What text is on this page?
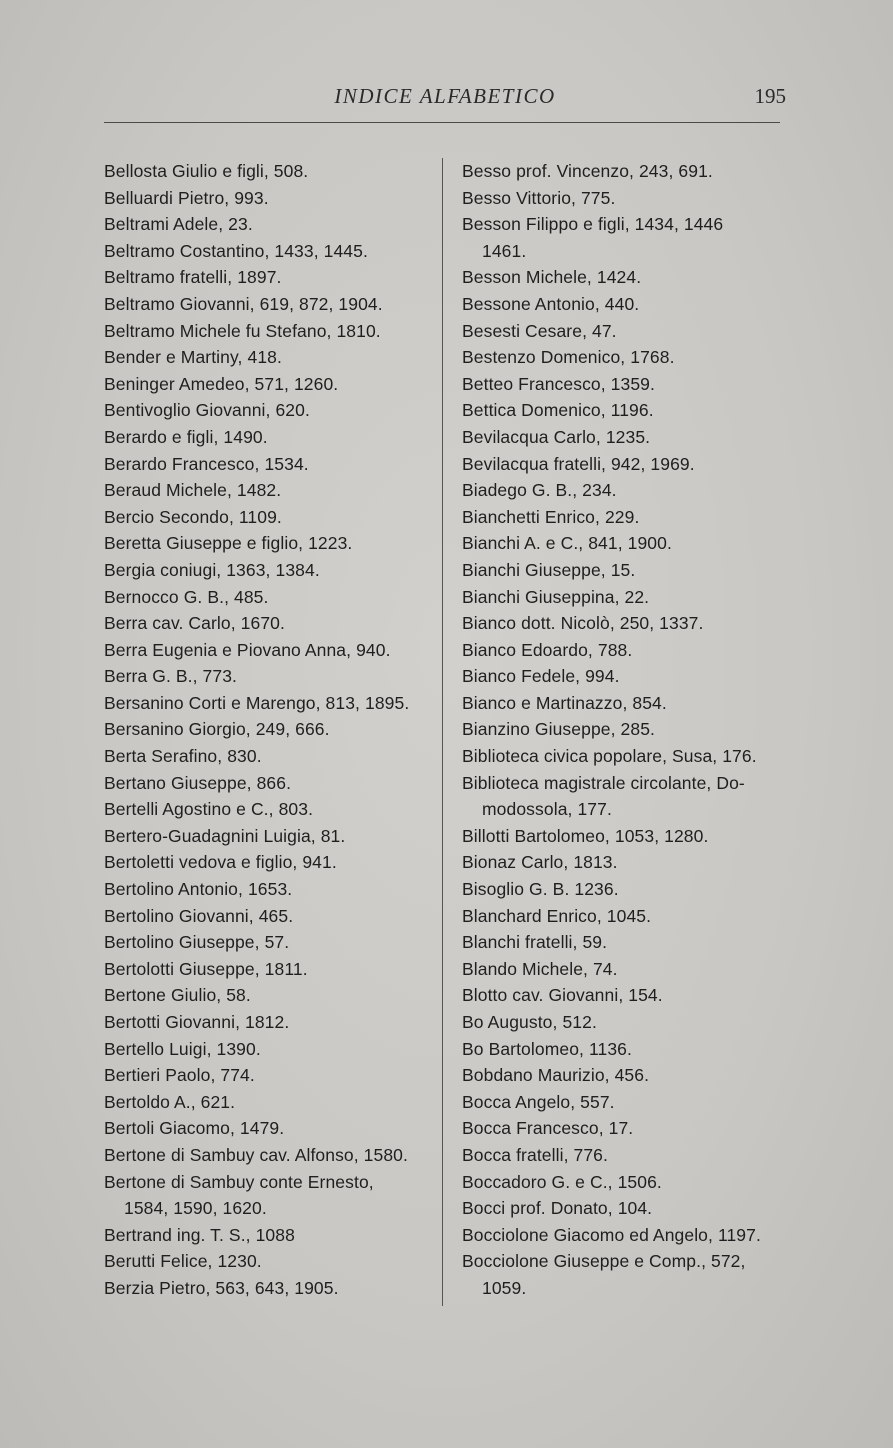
INDICE ALFABETICO	195
Bellosta Giulio e figli, 508.
Belluardi Pietro, 993.
Beltrami Adele, 23.
Beltramo Costantino, 1433, 1445.
Beltramo fratelli, 1897.
Beltramo Giovanni, 619, 872, 1904.
Beltramo Michele fu Stefano, 1810.
Bender e Martiny, 418.
Beninger Amedeo, 571, 1260.
Bentivoglio Giovanni, 620.
Berardo e figli, 1490.
Berardo Francesco, 1534.
Beraud Michele, 1482.
Bercio Secondo, 1109.
Beretta Giuseppe e figlio, 1223.
Bergia coniugi, 1363, 1384.
Bernocco G. B., 485.
Berra cav. Carlo, 1670.
Berra Eugenia e Piovano Anna, 940.
Berra G. B., 773.
Bersanino Corti e Marengo, 813, 1895.
Bersanino Giorgio, 249, 666.
Berta Serafino, 830.
Bertano Giuseppe, 866.
Bertelli Agostino e C., 803.
Bertero-Guadagnini Luigia, 81.
Bertoletti vedova e figlio, 941.
Bertolino Antonio, 1653.
Bertolino Giovanni, 465.
Bertolino Giuseppe, 57.
Bertolotti Giuseppe, 1811.
Bertone Giulio, 58.
Bertotti Giovanni, 1812.
Bertello Luigi, 1390.
Bertieri Paolo, 774.
Bertoldo A., 621.
Bertoli Giacomo, 1479.
Bertone di Sambuy cav. Alfonso, 1580.
Bertone di Sambuy conte Ernesto,
1584, 1590, 1620.
Bertrand ing. T. S., 1088
Berutti Felice, 1230.
Berzia Pietro, 563, 643, 1905.
Besso prof. Vincenzo, 243, 691.
Besso Vittorio, 775.
Besson Filippo e figli, 1434, 1446
1461.
Besson Michele, 1424.
Bessone Antonio, 440.
Besesti Cesare, 47.
Bestenzo Domenico, 1768.
Betteo Francesco, 1359.
Bettica Domenico, 1196.
Bevilacqua Carlo, 1235.
Bevilacqua fratelli, 942, 1969.
Biadego G. B., 234.
Bianchetti Enrico, 229.
Bianchi A. e C., 841, 1900.
Bianchi Giuseppe, 15.
Bianchi Giuseppina, 22.
Bianco dott. Nicolò, 250, 1337.
Bianco Edoardo, 788.
Bianco Fedele, 994.
Bianco e Martinazzo, 854.
Bianzino Giuseppe, 285.
Biblioteca civica popolare, Susa, 176.
Biblioteca magistrale circolante, Do-
modossola, 177.
Billotti Bartolomeo, 1053, 1280.
Bionaz Carlo, 1813.
Bisoglio G. B. 1236.
Blanchard Enrico, 1045.
Blanchi fratelli, 59.
Blando Michele, 74.
Blotto cav. Giovanni, 154.
Bo Augusto, 512.
Bo Bartolomeo, 1136.
Bobdano Maurizio, 456.
Bocca Angelo, 557.
Bocca Francesco, 17.
Bocca fratelli, 776.
Boccadoro G. e C., 1506.
Bocci prof. Donato, 104.
Bocciolone Giacomo ed Angelo, 1197.
Bocciolone Giuseppe e Comp., 572,
1059.
